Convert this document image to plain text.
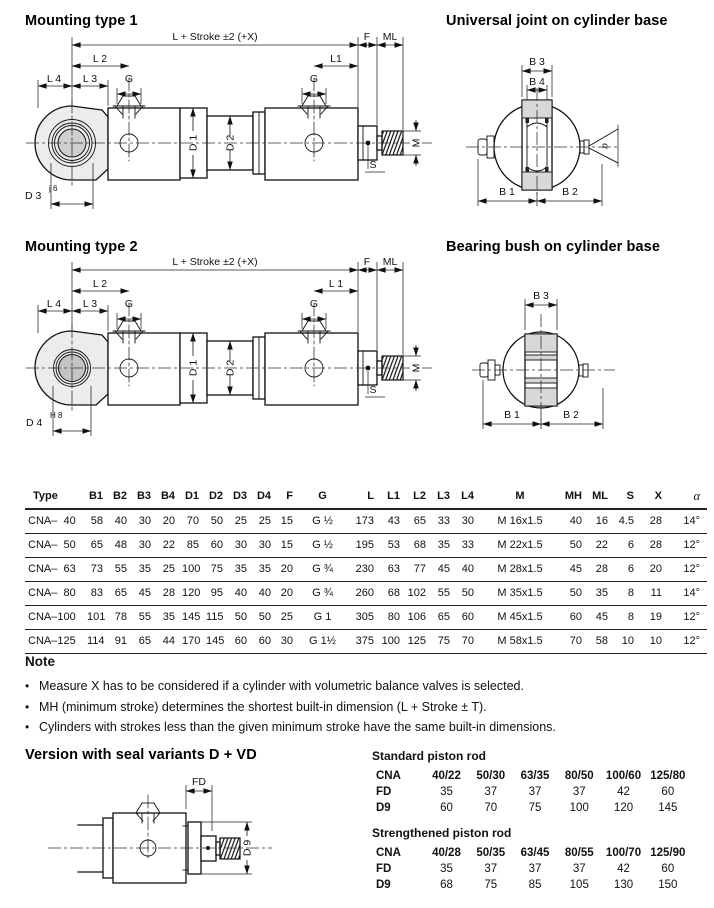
Mounting type 1	Universal joint on cylinder base
Mounting type 2	Bearing bush on cylinder base
Version with seal variants D + VD
L + Stroke ±2 (+X)	F ML
L 2	L1
L 4 L 3	G	G
D 1 D 2	M
S
D 3
j 6
B 3
B 4
α
B 1	B 2
L + Stroke ±2 (+X)	F ML
L 2	L 1
L 4 L 3	G	G
D 1 D 2	M
S
D 4
H 8
B 3
B 1	B 2
Type	B1	B2	B3	B4	D1	D2	D3	D4	F	G	L	L1	L2	L3	L4	M	MH	ML	S	X	α
CNA–  40	58	40	30	20	70	50	25	25	15	G ½	173	43	65	33	30	M 16x1.5	40	16	4.5	28	14°
CNA–  50	65	48	30	22	85	60	30	30	15	G ½	195	53	68	35	33	M 22x1.5	50	22	6	28	12°
CNA–  63	73	55	35	25	100	75	35	35	20	G ¾	230	63	77	45	40	M 28x1.5	45	28	6	20	12°
CNA–  80	83	65	45	28	120	95	40	40	20	G ¾	260	68	102	55	50	M 35x1.5	50	35	8	11	14°
CNA–100	101	78	55	35	145	115	50	50	25	G 1	305	80	106	65	60	M 45x1.5	60	45	8	19	12°
CNA–125	114	91	65	44	170	145	60	60	30	G 1½	375	100	125	75	70	M 58x1.5	70	58	10	10	12°
Note
• Measure X has to be considered if a cylinder with volumetric balance valves is selected.
• MH (minimum stroke) determines the shortest built-in dimension (L + Stroke ± T).
• Cylinders with strokes less than the given minimum stroke have the same built-in dimensions.
FD
D 9
Standard piston rod
CNA	40/22	50/30	63/35	80/50	100/60	125/80
FD	35	37	37	37	42	60
D9	60	70	75	100	120	145
Strengthened piston rod
CNA	40/28	50/35	63/45	80/55	100/70	125/90
FD	35	37	37	37	42	60
D9	68	75	85	105	130	150
